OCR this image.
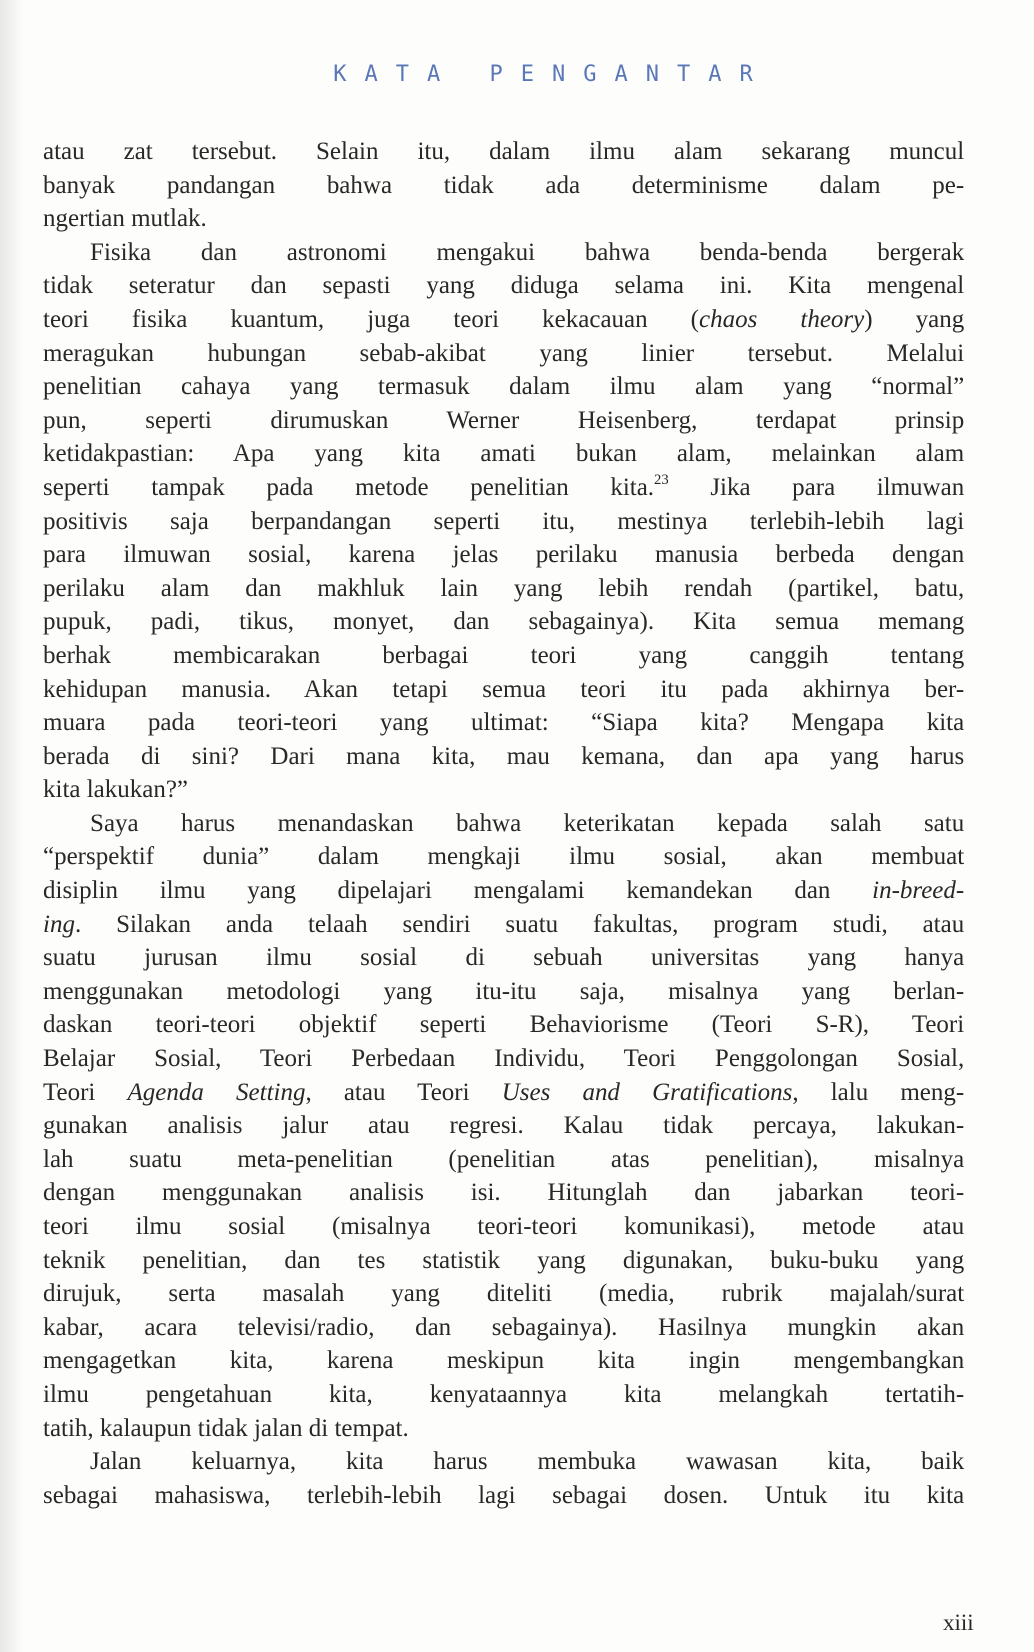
KATA PENGANTAR
atau zat tersebut. Selain itu, dalam ilmu alam sekarang muncul
banyak pandangan bahwa tidak ada determinisme dalam pe-
ngertian mutlak.
Fisika dan astronomi mengakui bahwa benda-benda bergerak
tidak seteratur dan sepasti yang diduga selama ini. Kita mengenal
teori fisika kuantum, juga teori kekacauan (chaos theory) yang
meragukan hubungan sebab-akibat yang linier tersebut. Melalui
penelitian cahaya yang termasuk dalam ilmu alam yang “normal”
pun, seperti dirumuskan Werner Heisenberg, terdapat prinsip
ketidakpastian: Apa yang kita amati bukan alam, melainkan alam
seperti tampak pada metode penelitian kita.$^{23}$ Jika para ilmuwan
positivis saja berpandangan seperti itu, mestinya terlebih-lebih lagi
para ilmuwan sosial, karena jelas perilaku manusia berbeda dengan
perilaku alam dan makhluk lain yang lebih rendah (partikel, batu,
pupuk, padi, tikus, monyet, dan sebagainya). Kita semua memang
berhak membicarakan berbagai teori yang canggih tentang
kehidupan manusia. Akan tetapi semua teori itu pada akhirnya ber-
muara pada teori-teori yang ultimat: “Siapa kita? Mengapa kita
berada di sini? Dari mana kita, mau kemana, dan apa yang harus
kita lakukan?”
Saya harus menandaskan bahwa keterikatan kepada salah satu
“perspektif dunia” dalam mengkaji ilmu sosial, akan membuat
disiplin ilmu yang dipelajari mengalami kemandekan dan in-breed-
ing. Silakan anda telaah sendiri suatu fakultas, program studi, atau
suatu jurusan ilmu sosial di sebuah universitas yang hanya
menggunakan metodologi yang itu-itu saja, misalnya yang berlan-
daskan teori-teori objektif seperti Behaviorisme (Teori S-R), Teori
Belajar Sosial, Teori Perbedaan Individu, Teori Penggolongan Sosial,
Teori Agenda Setting, atau Teori Uses and Gratifications, lalu meng-
gunakan analisis jalur atau regresi. Kalau tidak percaya, lakukan-
lah suatu meta-penelitian (penelitian atas penelitian), misalnya
dengan menggunakan analisis isi. Hitunglah dan jabarkan teori-
teori ilmu sosial (misalnya teori-teori komunikasi), metode atau
teknik penelitian, dan tes statistik yang digunakan, buku-buku yang
dirujuk, serta masalah yang diteliti (media, rubrik majalah/surat
kabar, acara televisi/radio, dan sebagainya). Hasilnya mungkin akan
mengagetkan kita, karena meskipun kita ingin mengembangkan
ilmu pengetahuan kita, kenyataannya kita melangkah tertatih-
tatih, kalaupun tidak jalan di tempat.
Jalan keluarnya, kita harus membuka wawasan kita, baik
sebagai mahasiswa, terlebih-lebih lagi sebagai dosen. Untuk itu kita
xiii
